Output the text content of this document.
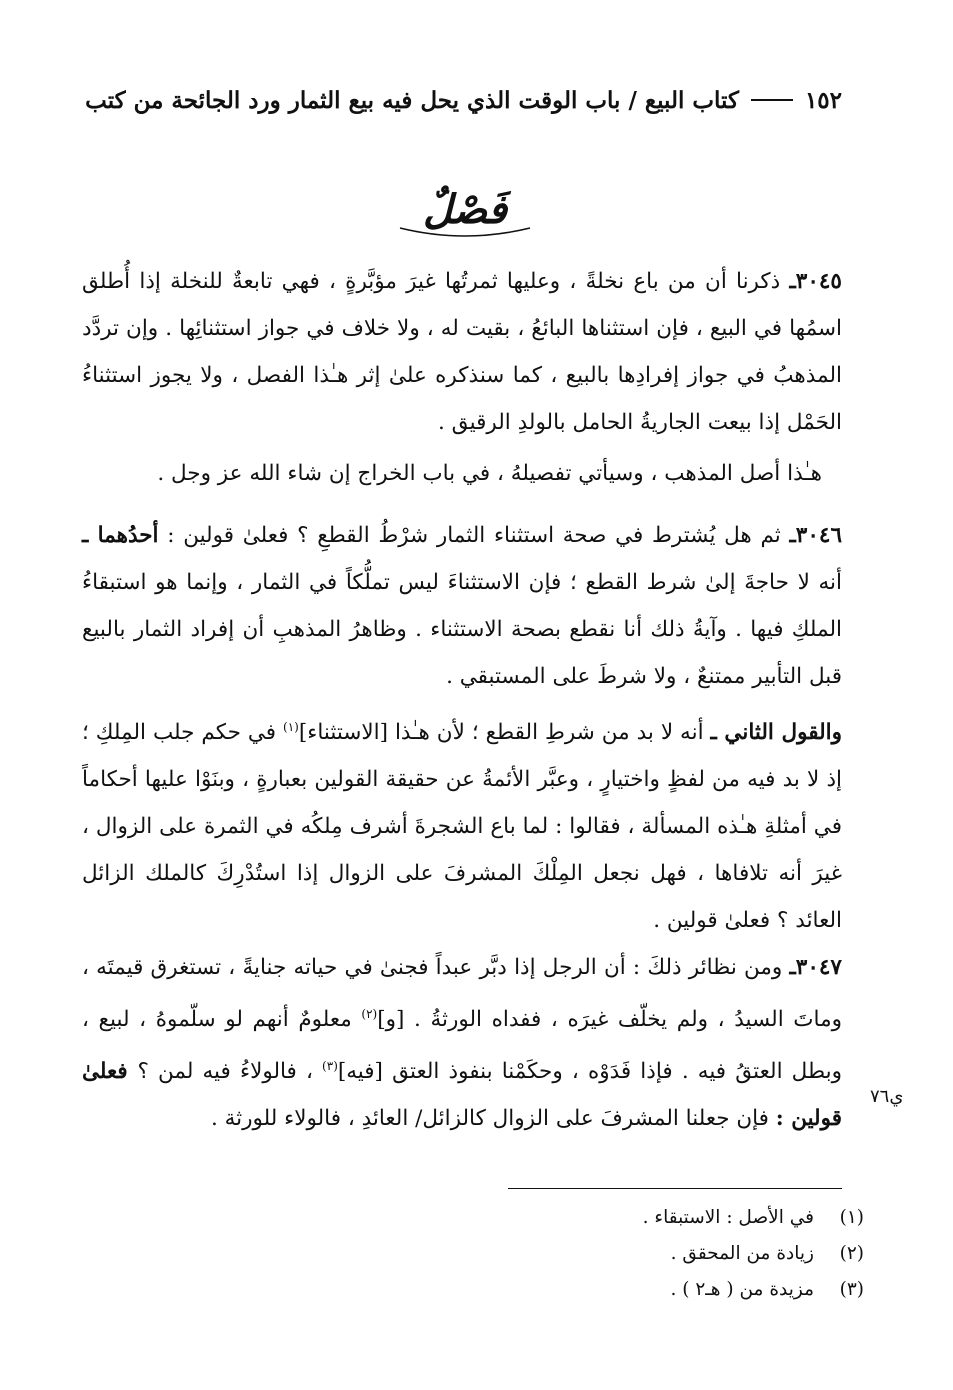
١٥٢
كتاب البيع / باب الوقت الذي يحل فيه بيع الثمار ورد الجائحة من كتب
فَصْلٌ
٣٠٤٥ـ ذكرنا أن من باع نخلةً ، وعليها ثمرتُها غيرَ مؤبَّرةٍ ، فهي تابعةٌ للنخلة إذا أُطلق اسمُها في البيع ، فإن استثناها البائعُ ، بقيت له ، ولا خلاف في جواز استثنائِها . وإن تردَّد المذهبُ في جواز إفرادِها بالبيع ، كما سنذكره علىٰ إثر هـٰذا الفصل ، ولا يجوز استثناءُ الحَمْل إذا بيعت الجاريةُ الحامل بالولدِ الرقيق .
هـٰذا أصل المذهب ، وسيأتي تفصيلهُ ، في باب الخراج إن شاء الله عز وجل .
٣٠٤٦ـ ثم هل يُشترط في صحة استثناء الثمار شرْطُ القطعِ ؟ فعلىٰ قولين : أحدُهما ـ أنه لا حاجةَ إلىٰ شرط القطع ؛ فإن الاستثناءَ ليس تملُّكاً في الثمار ، وإنما هو استبقاءُ الملكِ فيها . وآيةُ ذلك أنا نقطع بصحة الاستثناء . وظاهرُ المذهبِ أن إفراد الثمار بالبيع قبل التأبير ممتنعٌ ، ولا شرطَ على المستبقي .
والقول الثاني ـ أنه لا بد من شرطِ القطع ؛ لأن هـٰذا [الاستثناء]$^{(١)}$ في حكم جلب المِلكِ ؛ إذ لا بد فيه من لفظٍ واختيارٍ ، وعبَّر الأئمةُ عن حقيقة القولين بعبارةٍ ، وبنَوْا عليها أحكاماً في أمثلةِ هـٰذه المسألة ، فقالوا : لما باع الشجرةَ أشرف مِلكُه في الثمرة على الزوال ، غيرَ أنه تلافاها ، فهل نجعل المِلْكَ المشرفَ على الزوال إذا استُدْرِكَ كالملك الزائل العائد ؟ فعلىٰ قولين .
٣٠٤٧ـ ومن نظائر ذلكَ : أن الرجل إذا دبَّر عبداً فجنىٰ في حياته جنايةً ، تستغرق قيمتَه ، وماتَ السيدُ ، ولم يخلّف غيرَه ، ففداه الورثةُ . [و]$^{(٢)}$ معلومٌ أنهم لو سلّموهُ ، لبيع ، وبطل العتقُ فيه . فإذا فَدَوْه ، وحكَمْنا بنفوذ العتق [فيه]$^{(٣)}$ ، فالولاءُ فيه لمن ؟ فعلىٰ قولين : فإن جعلنا المشرفَ على الزوال كالزائل/ العائدِ ، فالولاء للورثة .
ي٧٦
(١)
في الأصل : الاستبقاء .
(٢)
زيادة من المحقق .
(٣)
مزيدة من ( هـ٢ ) .
